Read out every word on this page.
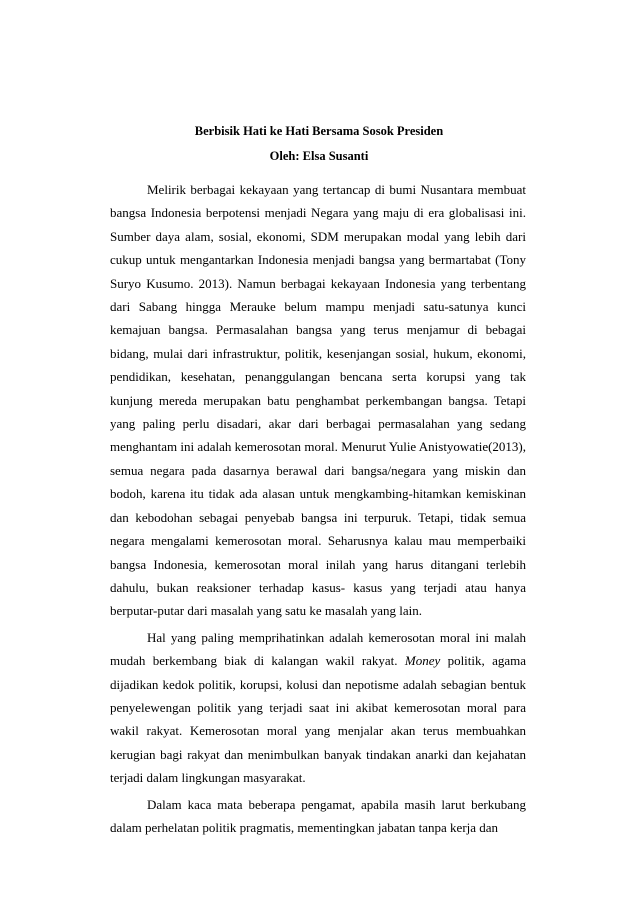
Berbisik Hati ke Hati Bersama Sosok Presiden
Oleh: Elsa Susanti

Melirik berbagai kekayaan yang tertancap di bumi Nusantara membuat bangsa Indonesia berpotensi menjadi Negara yang maju di era globalisasi ini. Sumber daya alam, sosial, ekonomi, SDM merupakan modal yang lebih dari cukup untuk mengantarkan Indonesia menjadi bangsa yang bermartabat (Tony Suryo Kusumo. 2013). Namun berbagai kekayaan Indonesia yang terbentang dari Sabang hingga Merauke belum mampu menjadi satu-satunya kunci kemajuan bangsa. Permasalahan bangsa yang terus menjamur di bebagai bidang, mulai dari infrastruktur, politik, kesenjangan sosial, hukum, ekonomi, pendidikan, kesehatan, penanggulangan bencana serta korupsi yang tak kunjung mereda merupakan batu penghambat perkembangan bangsa. Tetapi yang paling perlu disadari, akar dari berbagai permasalahan yang sedang menghantam ini adalah kemerosotan moral. Menurut Yulie Anistyowatie(2013), semua negara pada dasarnya berawal dari bangsa/negara yang miskin dan bodoh, karena itu tidak ada alasan untuk mengkambing-hitamkan kemiskinan dan kebodohan sebagai penyebab bangsa ini terpuruk. Tetapi, tidak semua negara mengalami kemerosotan moral. Seharusnya kalau mau memperbaiki bangsa Indonesia, kemerosotan moral inilah yang harus ditangani terlebih dahulu, bukan reaksioner terhadap kasus- kasus yang terjadi atau hanya berputar-putar dari masalah yang satu ke masalah yang lain.

Hal yang paling memprihatinkan adalah kemerosotan moral ini malah mudah berkembang biak di kalangan wakil rakyat. Money politik, agama dijadikan kedok politik, korupsi, kolusi dan nepotisme adalah sebagian bentuk penyelewengan politik yang terjadi saat ini akibat kemerosotan moral para wakil rakyat. Kemerosotan moral yang menjalar akan terus membuahkan kerugian bagi rakyat dan menimbulkan banyak tindakan anarki dan kejahatan terjadi dalam lingkungan masyarakat.

Dalam kaca mata beberapa pengamat, apabila masih larut berkubang dalam perhelatan politik pragmatis, mementingkan jabatan tanpa kerja dan
